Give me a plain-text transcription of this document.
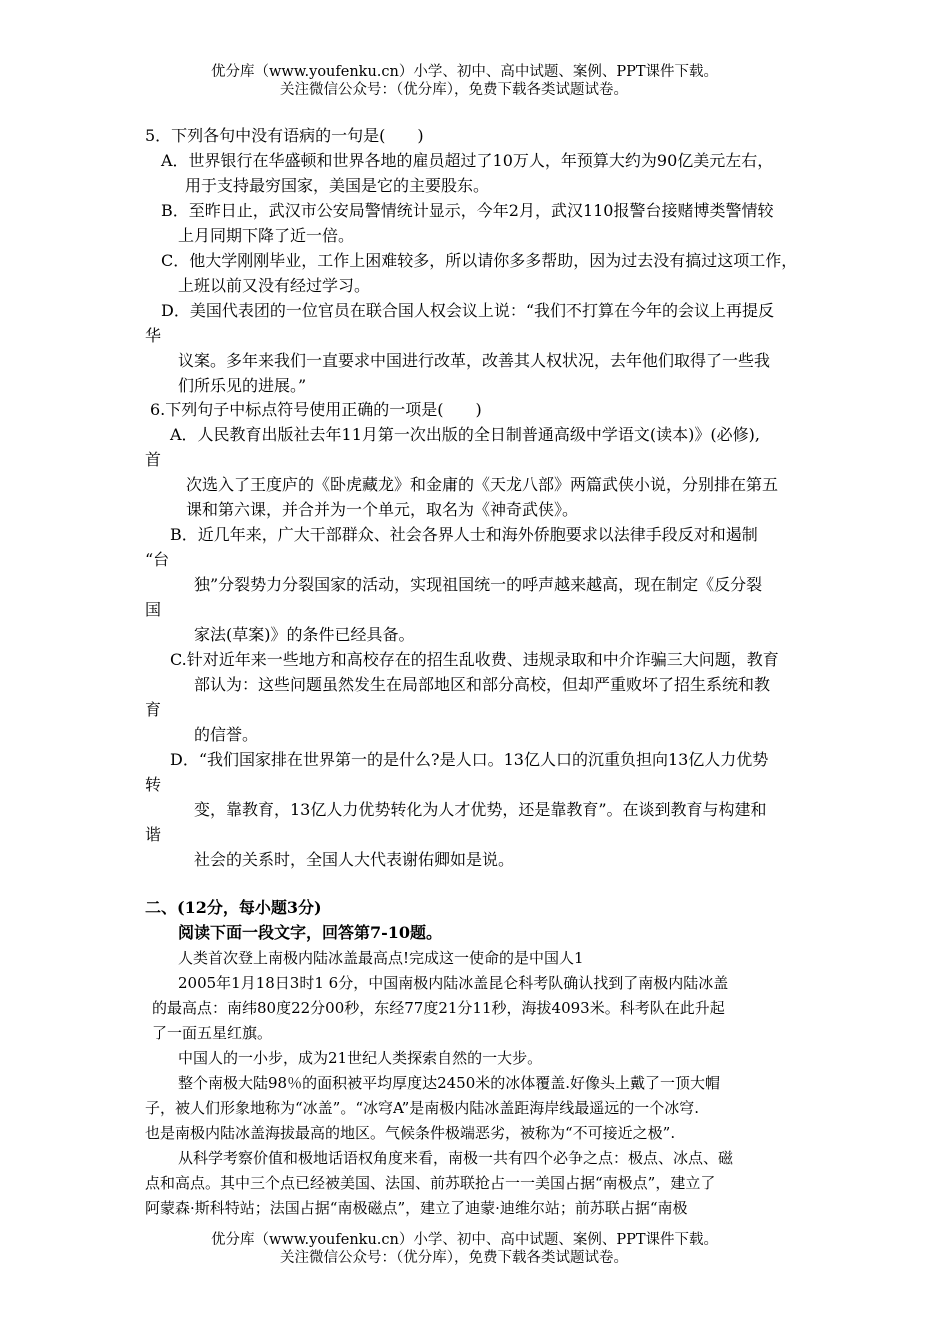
优分库（www.youfenku.cn）小学、初中、高中试题、案例、PPT课件下载。
关注微信公众号：（优分库），免费下载各类试题试卷。
5．下列各句中没有语病的一句是(　　)
A．世界银行在华盛顿和世界各地的雇员超过了10万人，年预算大约为90亿美元左右，
用于支持最穷国家，美国是它的主要股东。
B．至昨日止，武汉市公安局警情统计显示，今年2月，武汉110报警台接赌博类警情较
上月同期下降了近一倍。
C．他大学刚刚毕业，工作上困难较多，所以请你多多帮助，因为过去没有搞过这项工作，
上班以前又没有经过学习。
D．美国代表团的一位官员在联合国人权会议上说：“我们不打算在今年的会议上再提反
华
议案。多年来我们一直要求中国进行改革，改善其人权状况，去年他们取得了一些我
们所乐见的进展。”
6.下列句子中标点符号使用正确的一项是(　　)
A．人民教育出版社去年11月第一次出版的全日制普通高级中学语文(读本)》(必修),
首
次选入了王度庐的《卧虎藏龙》和金庸的《天龙八部》两篇武侠小说，分别排在第五
课和第六课，并合并为一个单元，取名为《神奇武侠》。
B．近几年来，广大干部群众、社会各界人士和海外侨胞要求以法律手段反对和遏制
“台
独”分裂势力分裂国家的活动，实现祖国统一的呼声越来越高，现在制定《反分裂
国
家法(草案)》的条件已经具备。
C.针对近年来一些地方和高校存在的招生乱收费、违规录取和中介诈骗三大问题，教育
部认为：这些问题虽然发生在局部地区和部分高校，但却严重败坏了招生系统和教
育
的信誉。
D．“我们国家排在世界第一的是什么?是人口。13亿人口的沉重负担向13亿人力优势
转
变，靠教育，13亿人力优势转化为人才优势，还是靠教育”。在谈到教育与构建和
谐
社会的关系时，全国人大代表谢佑卿如是说。
二、(12分，每小题3分)
阅读下面一段文字，回答第7-10题。
人类首次登上南极内陆冰盖最高点!完成这一使命的是中国人1
2005年1月18日3时1 6分，中国南极内陆冰盖昆仑科考队确认找到了南极内陆冰盖
的最高点：南纬80度22分00秒，东经77度21分11秒，海拔4093米。科考队在此升起
了一面五星红旗。
中国人的一小步，成为21世纪人类探索自然的一大步。
整个南极大陆98％的面积被平均厚度达2450米的冰体覆盖.好像头上戴了一顶大帽
子，被人们形象地称为“冰盖”。“冰穹A”是南极内陆冰盖距海岸线最遥远的一个冰穹.
也是南极内陆冰盖海拔最高的地区。气候条件极端恶劣，被称为“不可接近之极”.
从科学考察价值和极地话语权角度来看，南极一共有四个必争之点：极点、冰点、磁
点和高点。其中三个点已经被美国、法国、前苏联抢占一一美国占据“南极点”，建立了
阿蒙森·斯科特站；法国占据“南极磁点”，建立了迪蒙·迪维尔站；前苏联占据“南极
优分库（www.youfenku.cn）小学、初中、高中试题、案例、PPT课件下载。
关注微信公众号：（优分库），免费下载各类试题试卷。
